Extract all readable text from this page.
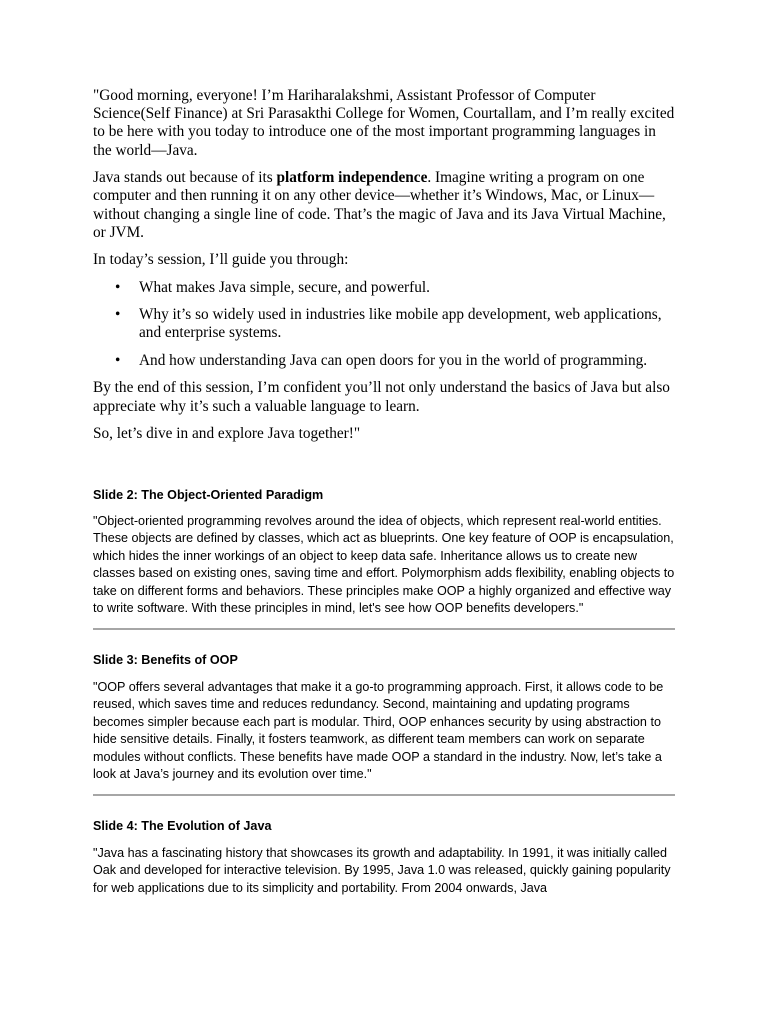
"Good morning, everyone! I’m Hariharalakshmi, Assistant Professor of Computer Science(Self Finance) at Sri Parasakthi College for Women, Courtallam, and I’m really excited to be here with you today to introduce one of the most important programming languages in the world—Java.

Java stands out because of its platform independence. Imagine writing a program on one computer and then running it on any other device—whether it’s Windows, Mac, or Linux—without changing a single line of code. That’s the magic of Java and its Java Virtual Machine, or JVM.

In today’s session, I’ll guide you through:

• What makes Java simple, secure, and powerful.
• Why it’s so widely used in industries like mobile app development, web applications, and enterprise systems.
• And how understanding Java can open doors for you in the world of programming.

By the end of this session, I’m confident you’ll not only understand the basics of Java but also appreciate why it’s such a valuable language to learn.

So, let’s dive in and explore Java together!"

Slide 2: The Object-Oriented Paradigm

"Object-oriented programming revolves around the idea of objects, which represent real-world entities. These objects are defined by classes, which act as blueprints. One key feature of OOP is encapsulation, which hides the inner workings of an object to keep data safe. Inheritance allows us to create new classes based on existing ones, saving time and effort. Polymorphism adds flexibility, enabling objects to take on different forms and behaviors. These principles make OOP a highly organized and effective way to write software. With these principles in mind, let's see how OOP benefits developers."

Slide 3: Benefits of OOP

"OOP offers several advantages that make it a go-to programming approach. First, it allows code to be reused, which saves time and reduces redundancy. Second, maintaining and updating programs becomes simpler because each part is modular. Third, OOP enhances security by using abstraction to hide sensitive details. Finally, it fosters teamwork, as different team members can work on separate modules without conflicts. These benefits have made OOP a standard in the industry. Now, let’s take a look at Java’s journey and its evolution over time."

Slide 4: The Evolution of Java

"Java has a fascinating history that showcases its growth and adaptability. In 1991, it was initially called Oak and developed for interactive television. By 1995, Java 1.0 was released, quickly gaining popularity for web applications due to its simplicity and portability. From 2004 onwards, Java
